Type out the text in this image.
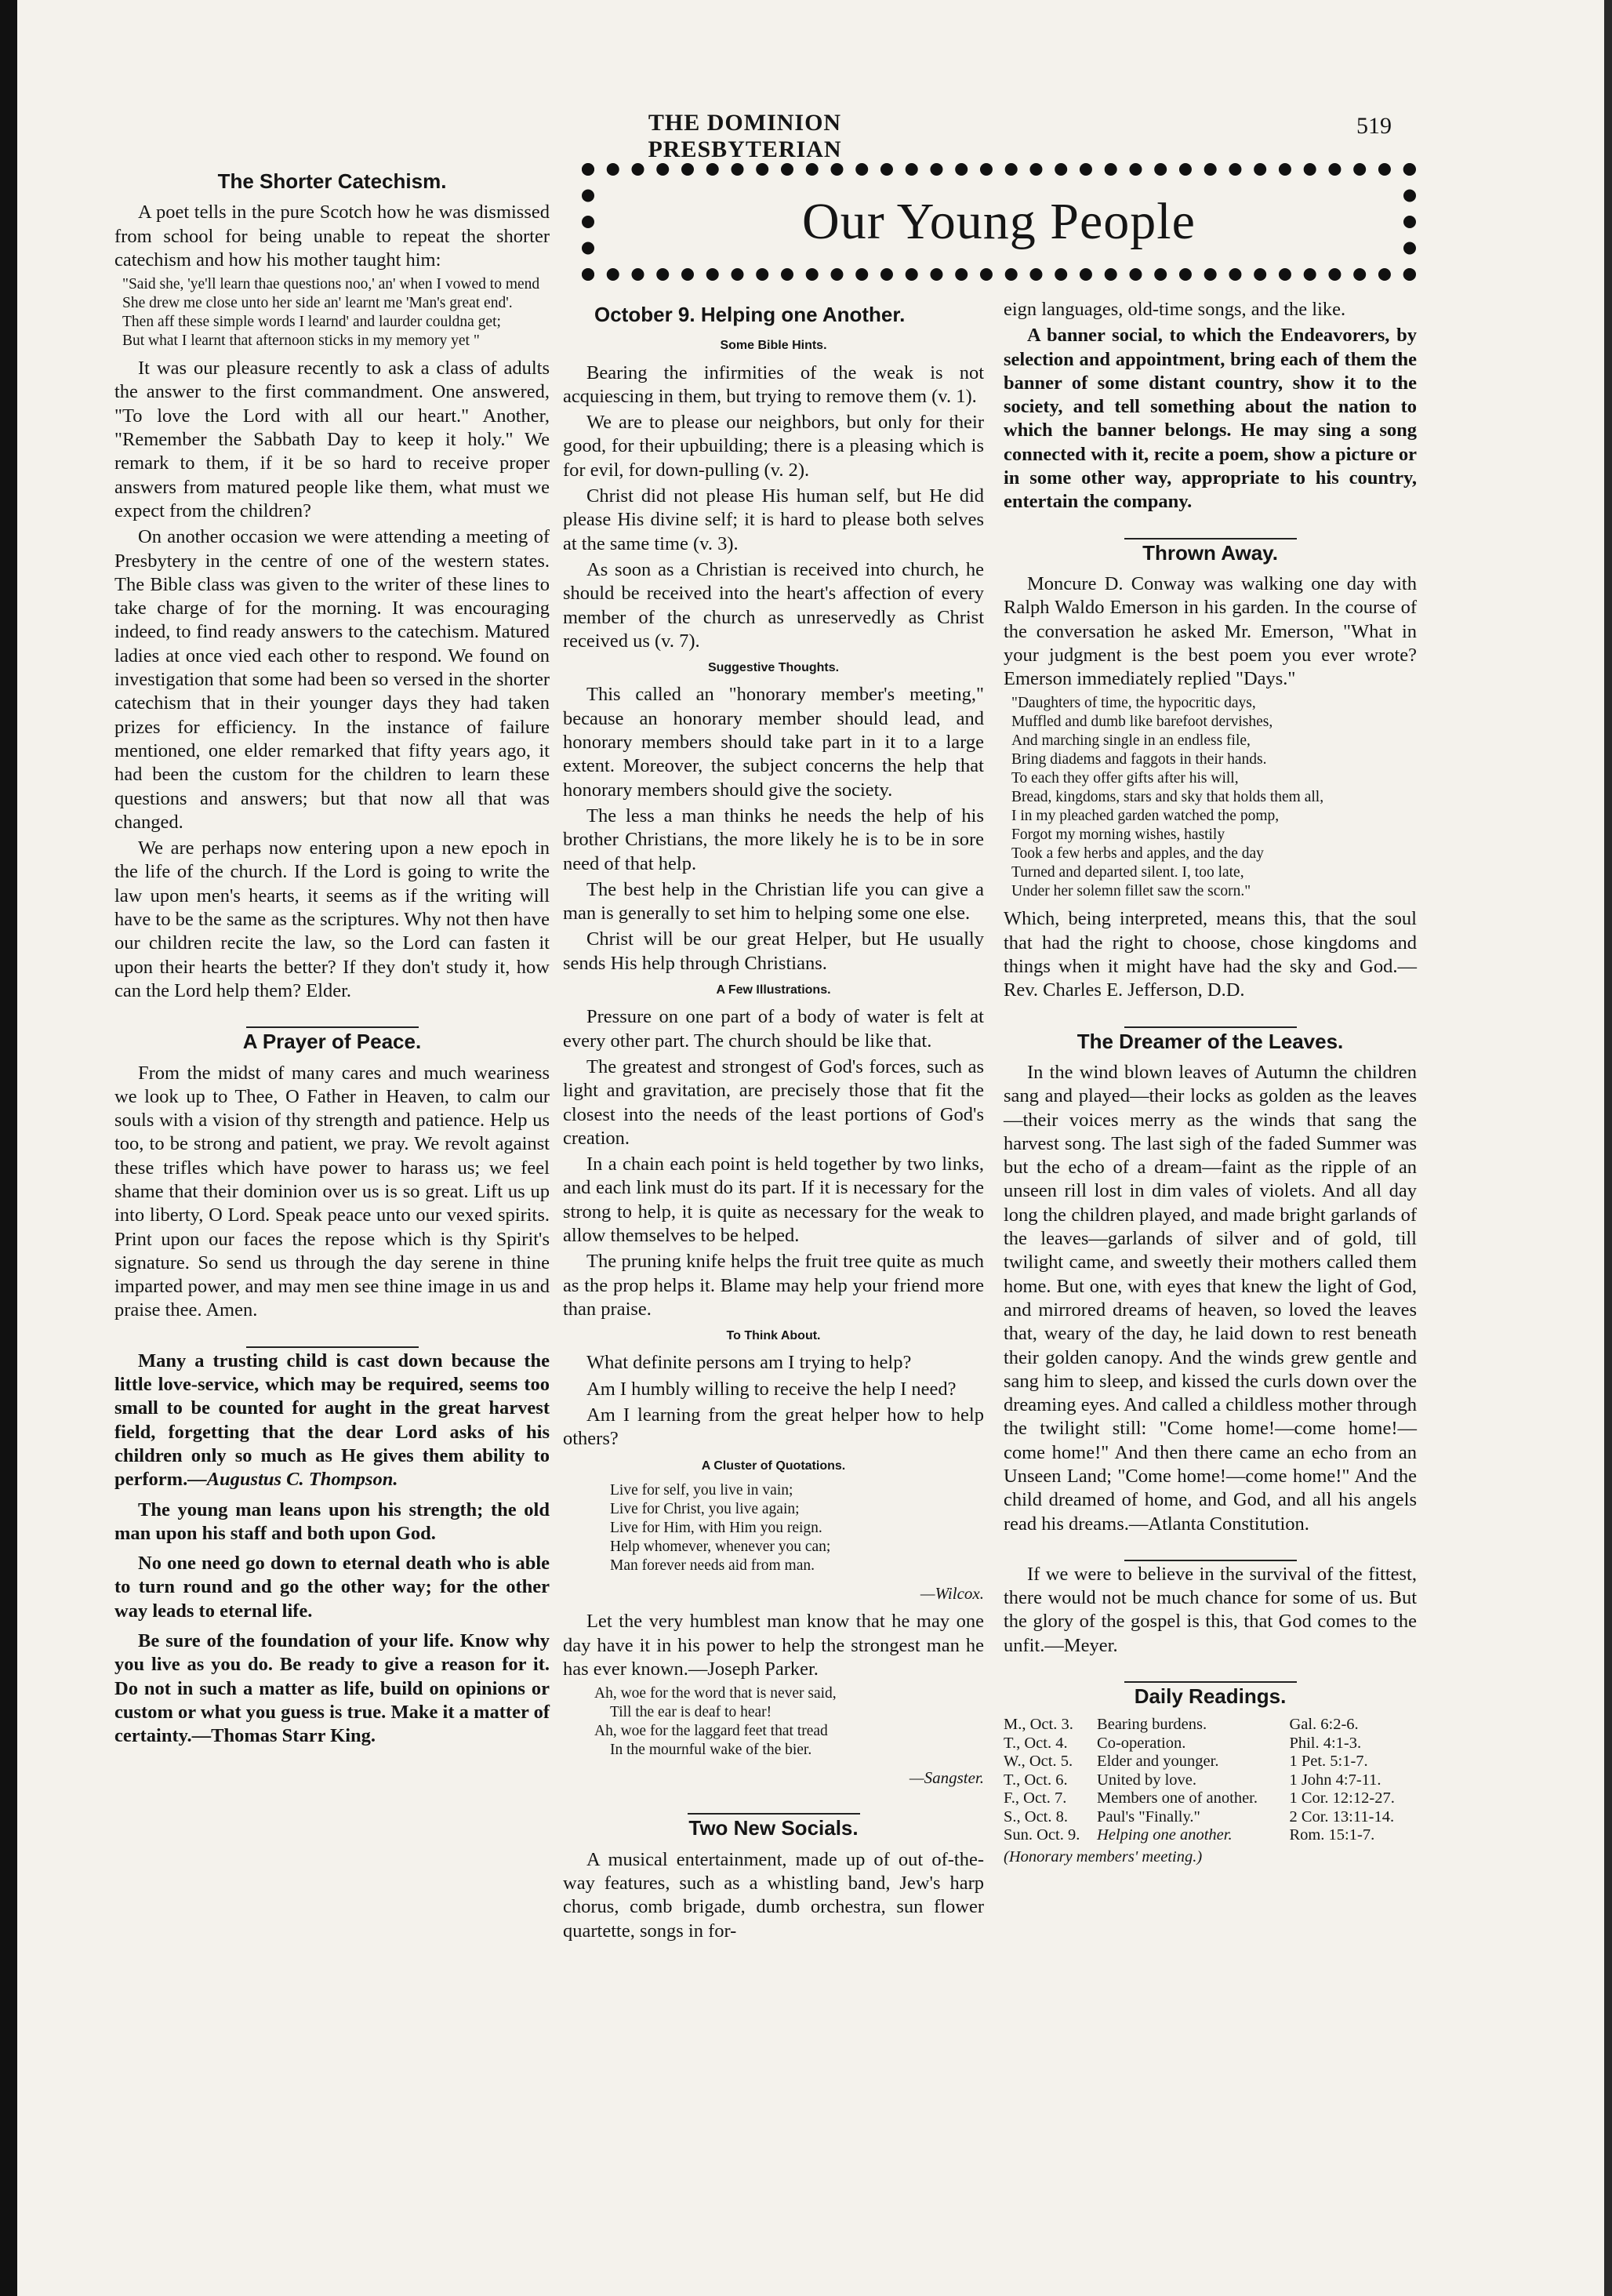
THE DOMINION PRESBYTERIAN
519
Our Young People
The Shorter Catechism.

A poet tells in the pure Scotch how he was dismissed from school for being unable to repeat the shorter catechism and how his mother taught him:

"Said she, 'ye'll learn thae questions noo,' an' when I vowed to mend
She drew me close unto her side an' learnt me 'Man's great end'.
Then aff these simple words I learnd' and laurder couldna get;
But what I learnt that afternoon sticks in my memory yet "

It was our pleasure recently to ask a class of adults the answer to the first commandment. One answered, "To love the Lord with all our heart." Another, "Remember the Sabbath Day to keep it holy." We remark to them, if it be so hard to receive proper answers from matured people like them, what must we expect from the children?

On another occasion we were attending a meeting of Presbytery in the centre of one of the western states. The Bible class was given to the writer of these lines to take charge of for the morning. It was encouraging indeed, to find ready answers to the catechism. Matured ladies at once vied each other to respond. We found on investigation that some had been so versed in the shorter catechism that in their younger days they had taken prizes for efficiency. In the instance of failure mentioned, one elder remarked that fifty years ago, it had been the custom for the children to learn these questions and answers; but that now all that was changed.

We are perhaps now entering upon a new epoch in the life of the church. If the Lord is going to write the law upon men's hearts, it seems as if the writing will have to be the same as the scriptures. Why not then have our children recite the law, so the Lord can fasten it upon their hearts the better? If they don't study it, how can the Lord help them? Elder.

A Prayer of Peace.

From the midst of many cares and much weariness we look up to Thee, O Father in Heaven, to calm our souls with a vision of thy strength and patience. Help us too, to be strong and patient, we pray. We revolt against these trifles which have power to harass us; we feel shame that their dominion over us is so great. Lift us up into liberty, O Lord. Speak peace unto our vexed spirits. Print upon our faces the repose which is thy Spirit's signature. So send us through the day serene in thine imparted power, and may men see thine image in us and praise thee. Amen.

Many a trusting child is cast down because the little love-service, which may be required, seems too small to be counted for aught in the great harvest field, forgetting that the dear Lord asks of his children only so much as He gives them ability to perform.—Augustus C. Thompson.

The young man leans upon his strength; the old man upon his staff and both upon God.

No one need go down to eternal death who is able to turn round and go the other way; for the other way leads to eternal life.

Be sure of the foundation of your life. Know why you live as you do. Be ready to give a reason for it. Do not in such a matter as life, build on opinions or custom or what you guess is true. Make it a matter of certainty.—Thomas Starr King.

October 9. Helping one Another.
Some Bible Hints.

Bearing the infirmities of the weak is not acquiescing in them, but trying to remove them (v. 1).

We are to please our neighbors, but only for their good, for their upbuilding; there is a pleasing which is for evil, for down-pulling (v. 2).

Christ did not please His human self, but He did please His divine self; it is hard to please both selves at the same time (v. 3).

As soon as a Christian is received into church, he should be received into the heart's affection of every member of the church as unreservedly as Christ received us (v. 7).

Suggestive Thoughts.

This called an "honorary member's meeting," because an honorary member should lead, and honorary members should take part in it to a large extent. Moreover, the subject concerns the help that honorary members should give the society.

The less a man thinks he needs the help of his brother Christians, the more likely he is to be in sore need of that help.

The best help in the Christian life you can give a man is generally to set him to helping some one else.

Christ will be our great Helper, but He usually sends His help through Christians.

A Few Illustrations.

Pressure on one part of a body of water is felt at every other part. The church should be like that.

The greatest and strongest of God's forces, such as light and gravitation, are precisely those that fit the closest into the needs of the least portions of God's creation.

In a chain each point is held together by two links, and each link must do its part. If it is necessary for the strong to help, it is quite as necessary for the weak to allow themselves to be helped.

The pruning knife helps the fruit tree quite as much as the prop helps it. Blame may help your friend more than praise.

To Think About.

What definite persons am I trying to help?

Am I humbly willing to receive the help I need?

Am I learning from the great helper how to help others?

A Cluster of Quotations.
Live for self, you live in vain;
Live for Christ, you live again;
Live for Him, with Him you reign.
Help whomever, whenever you can;
Man forever needs aid from man.
—Wilcox.

Let the very humblest man know that he may one day have it in his power to help the strongest man he has ever known.—Joseph Parker.

Ah, woe for the word that is never said,
Till the ear is deaf to hear!
Ah, woe for the laggard feet that tread
In the mournful wake of the bier.
—Sangster.
Two New Socials.

A musical entertainment, made up of out of-the-way features, such as a whistling band, Jew's harp chorus, comb brigade, dumb orchestra, sun flower quartette, songs in for-

eign languages, old-time songs, and the like.

A banner social, to which the Endeavorers, by selection and appointment, bring each of them the banner of some distant country, show it to the society, and tell something about the nation to which the banner belongs. He may sing a song connected with it, recite a poem, show a picture or in some other way, appropriate to his country, entertain the company.

Thrown Away.

Moncure D. Conway was walking one day with Ralph Waldo Emerson in his garden. In the course of the conversation he asked Mr. Emerson, "What in your judgment is the best poem you ever wrote? Emerson immediately replied "Days."

"Daughters of time, the hypocritic days,
Muffled and dumb like barefoot dervishes,
And marching single in an endless file,
Bring diadems and faggots in their hands.
To each they offer gifts after his will,
Bread, kingdoms, stars and sky that holds them all,
I in my pleached garden watched the pomp,
Forgot my morning wishes, hastily
Took a few herbs and apples, and the day
Turned and departed silent. I, too late,
Under her solemn fillet saw the scorn."

Which, being interpreted, means this, that the soul that had the right to choose, chose kingdoms and things when it might have had the sky and God.—Rev. Charles E. Jefferson, D.D.

The Dreamer of the Leaves.

In the wind blown leaves of Autumn the children sang and played—their locks as golden as the leaves—their voices merry as the winds that sang the harvest song. The last sigh of the faded Summer was but the echo of a dream—faint as the ripple of an unseen rill lost in dim vales of violets. And all day long the children played, and made bright garlands of the leaves—garlands of silver and of gold, till twilight came, and sweetly their mothers called them home. But one, with eyes that knew the light of God, and mirrored dreams of heaven, so loved the leaves that, weary of the day, he laid down to rest beneath their golden canopy. And the winds grew gentle and sang him to sleep, and kissed the curls down over the dreaming eyes. And called a childless mother through the twilight still: "Come home!—come home!—come home!" And then there came an echo from an Unseen Land; "Come home!—come home!" And the child dreamed of home, and God, and all his angels read his dreams.—Atlanta Constitution.

If we were to believe in the survival of the fittest, there would not be much chance for some of us. But the glory of the gospel is this, that God comes to the unfit.—Meyer.

Daily Readings.
M., Oct. 3.	Bearing burdens.	Gal. 6:2-6.
T., Oct. 4.	Co-operation.	Phil. 4:1-3.
W., Oct. 5.	Elder and younger.	1 Pet. 5:1-7.
T., Oct. 6.	United by love.	1 John 4:7-11.
F., Oct. 7.	Members one of another.	1 Cor. 12:12-27.
S., Oct. 8.	Paul's "Finally."	2 Cor. 13:11-14.
Sun. Oct. 9.	Helping one another.	Rom. 15:1-7.
(Honorary members' meeting.)
